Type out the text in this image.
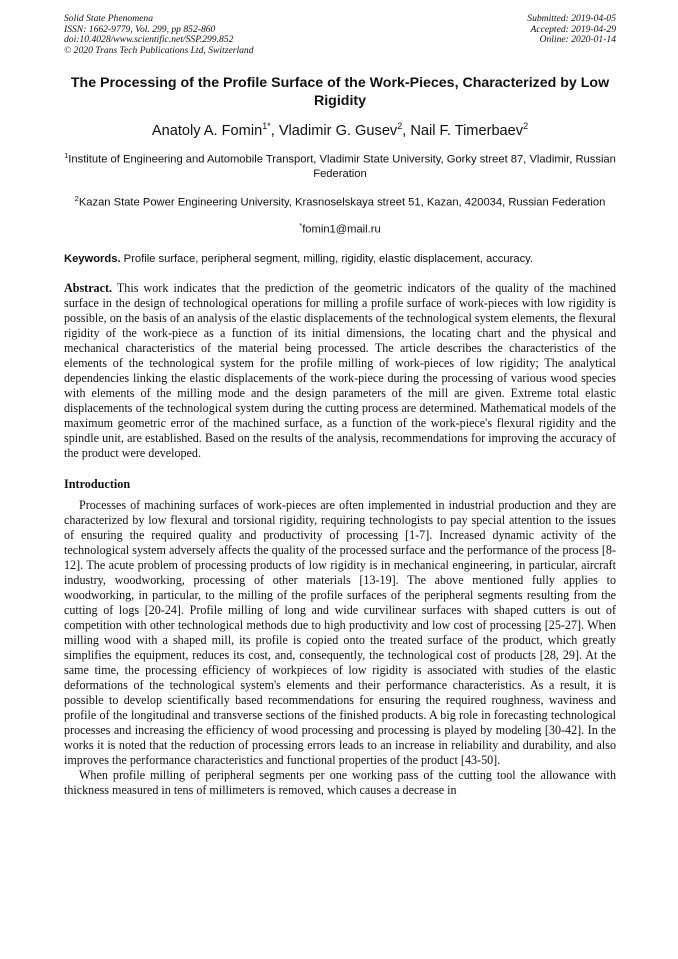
Solid State Phenomena
ISSN: 1662-9779, Vol. 299, pp 852-860
doi:10.4028/www.scientific.net/SSP.299.852
© 2020 Trans Tech Publications Ltd, Switzerland
Submitted: 2019-04-05
Accepted: 2019-04-29
Online: 2020-01-14
The Processing of the Profile Surface of the Work-Pieces, Characterized by Low Rigidity
Anatoly A. Fomin$^{1*}$, Vladimir G. Gusev$^2$, Nail F. Timerbaev$^2$
$^1$Institute of Engineering and Automobile Transport, Vladimir State University, Gorky street 87, Vladimir, Russian Federation
$^2$Kazan State Power Engineering University, Krasnoselskaya street 51, Kazan, 420034, Russian Federation
*fomin1@mail.ru
Keywords. Profile surface, peripheral segment, milling, rigidity, elastic displacement, accuracy.
Abstract. This work indicates that the prediction of the geometric indicators of the quality of the machined surface in the design of technological operations for milling a profile surface of work-pieces with low rigidity is possible, on the basis of an analysis of the elastic displacements of the technological system elements, the flexural rigidity of the work-piece as a function of its initial dimensions, the locating chart and the physical and mechanical characteristics of the material being processed. The article describes the characteristics of the elements of the technological system for the profile milling of work-pieces of low rigidity; The analytical dependencies linking the elastic displacements of the work-piece during the processing of various wood species with elements of the milling mode and the design parameters of the mill are given. Extreme total elastic displacements of the technological system during the cutting process are determined. Mathematical models of the maximum geometric error of the machined surface, as a function of the work-piece's flexural rigidity and the spindle unit, are established. Based on the results of the analysis, recommendations for improving the accuracy of the product were developed.
Introduction
Processes of machining surfaces of work-pieces are often implemented in industrial production and they are characterized by low flexural and torsional rigidity, requiring technologists to pay special attention to the issues of ensuring the required quality and productivity of processing [1-7]. Increased dynamic activity of the technological system adversely affects the quality of the processed surface and the performance of the process [8-12]. The acute problem of processing products of low rigidity is in mechanical engineering, in particular, aircraft industry, woodworking, processing of other materials [13-19]. The above mentioned fully applies to woodworking, in particular, to the milling of the profile surfaces of the peripheral segments resulting from the cutting of logs [20-24]. Profile milling of long and wide curvilinear surfaces with shaped cutters is out of competition with other technological methods due to high productivity and low cost of processing [25-27]. When milling wood with a shaped mill, its profile is copied onto the treated surface of the product, which greatly simplifies the equipment, reduces its cost, and, consequently, the technological cost of products [28, 29]. At the same time, the processing efficiency of workpieces of low rigidity is associated with studies of the elastic deformations of the technological system's elements and their performance characteristics. As a result, it is possible to develop scientifically based recommendations for ensuring the required roughness, waviness and profile of the longitudinal and transverse sections of the finished products. A big role in forecasting technological processes and increasing the efficiency of wood processing and processing is played by modeling [30-42]. In the works it is noted that the reduction of processing errors leads to an increase in reliability and durability, and also improves the performance characteristics and functional properties of the product [43-50].
When profile milling of peripheral segments per one working pass of the cutting tool the allowance with thickness measured in tens of millimeters is removed, which causes a decrease in
